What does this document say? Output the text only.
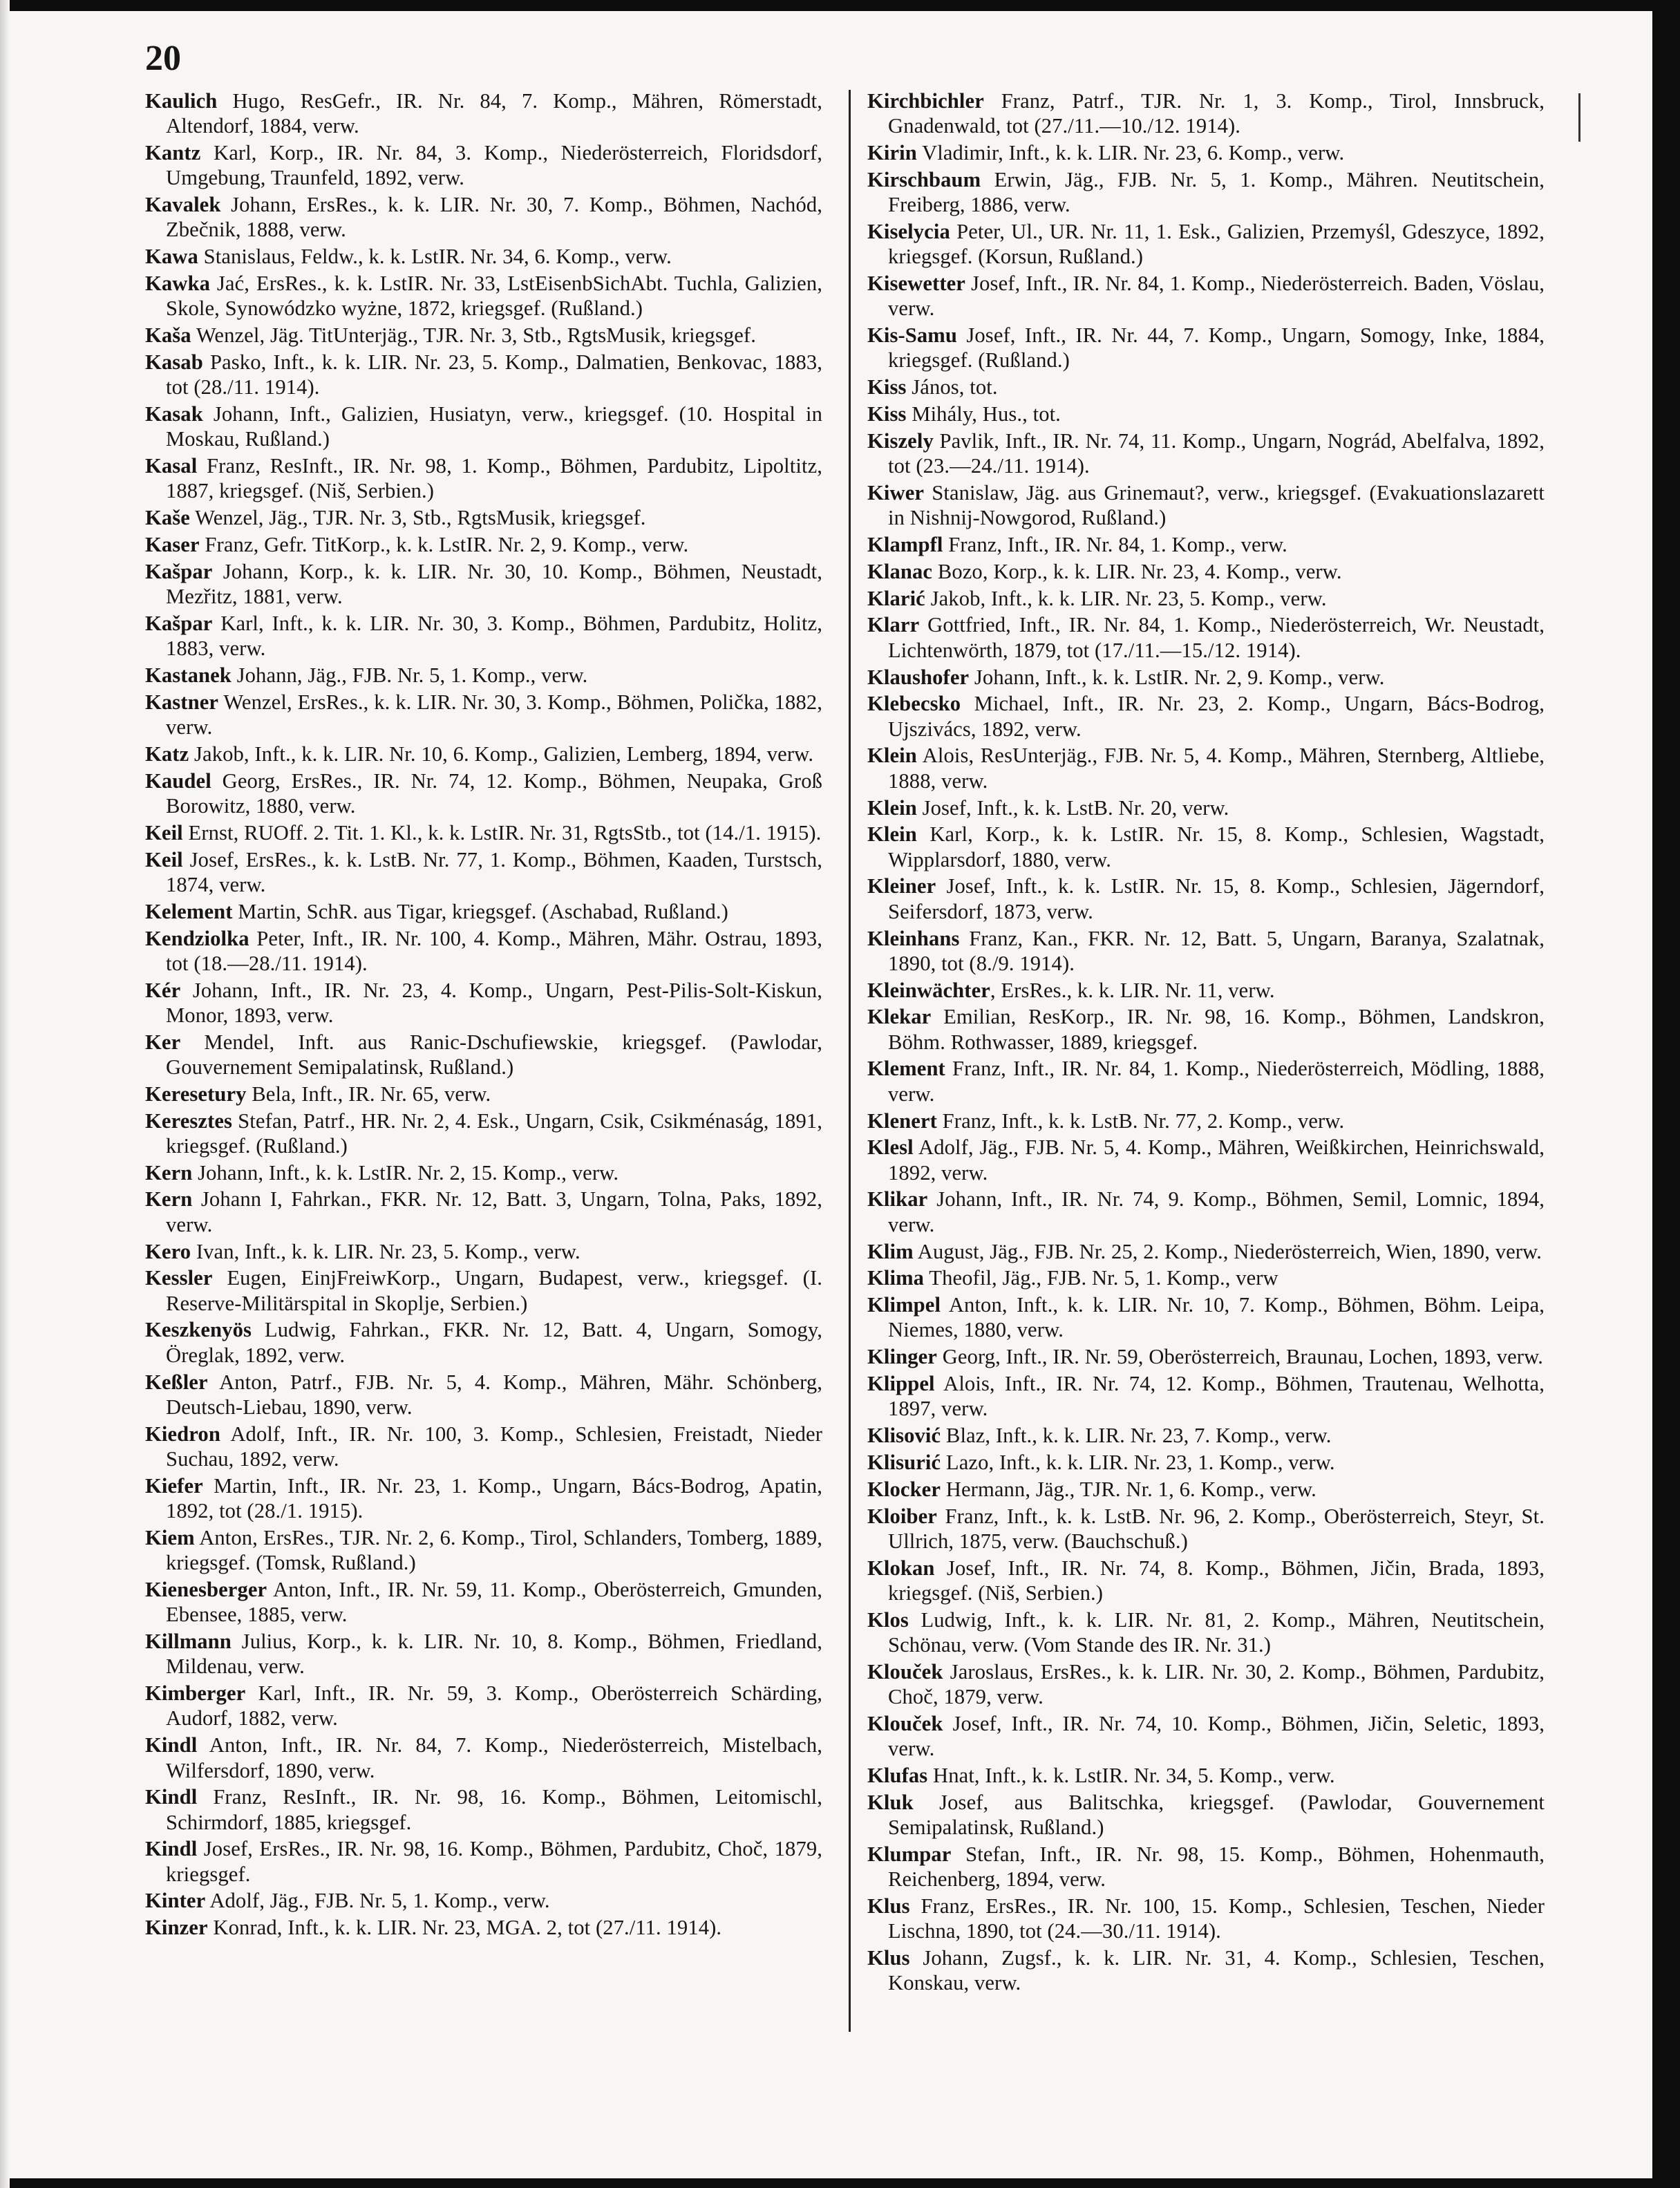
20

Kaulich Hugo, ResGefr., IR. Nr. 84, 7. Komp., Mähren, Römerstadt, Altendorf, 1884, verw.

Kantz Karl, Korp., IR. Nr. 84, 3. Komp., Niederösterreich, Floridsdorf, Umgebung, Traunfeld, 1892, verw.

Kavalek Johann, ErsRes., k. k. LIR. Nr. 30, 7. Komp., Böhmen, Nachód, Zbečnik, 1888, verw.

Kawa Stanislaus, Feldw., k. k. LstIR. Nr. 34, 6. Komp., verw.

Kawka Jać, ErsRes., k. k. LstIR. Nr. 33, LstEisenbSichAbt. Tuchla, Galizien, Skole, Synowódzko wyżne, 1872, kriegsgef. (Rußland.)

Kaša Wenzel, Jäg. TitUnterjäg., TJR. Nr. 3, Stb., RgtsMusik, kriegsgef.

Kasab Pasko, Inft., k. k. LIR. Nr. 23, 5. Komp., Dalmatien, Benkovac, 1883, tot (28./11. 1914).

Kasak Johann, Inft., Galizien, Husiatyn, verw., kriegsgef. (10. Hospital in Moskau, Rußland.)

Kasal Franz, ResInft., IR. Nr. 98, 1. Komp., Böhmen, Pardubitz, Lipoltitz, 1887, kriegsgef. (Niš, Serbien.)

Kaše Wenzel, Jäg., TJR. Nr. 3, Stb., RgtsMusik, kriegsgef.

Kaser Franz, Gefr. TitKorp., k. k. LstIR. Nr. 2, 9. Komp., verw.

Kašpar Johann, Korp., k. k. LIR. Nr. 30, 10. Komp., Böhmen, Neustadt, Mezřitz, 1881, verw.

Kašpar Karl, Inft., k. k. LIR. Nr. 30, 3. Komp., Böhmen, Pardubitz, Holitz, 1883, verw.

Kastanek Johann, Jäg., FJB. Nr. 5, 1. Komp., verw.

Kastner Wenzel, ErsRes., k. k. LIR. Nr. 30, 3. Komp., Böhmen, Polička, 1882, verw.

Katz Jakob, Inft., k. k. LIR. Nr. 10, 6. Komp., Galizien, Lemberg, 1894, verw.

Kaudel Georg, ErsRes., IR. Nr. 74, 12. Komp., Böhmen, Neupaka, Groß Borowitz, 1880, verw.

Keil Ernst, RUOff. 2. Tit. 1. Kl., k. k. LstIR. Nr. 31, RgtsStb., tot (14./1. 1915).

Keil Josef, ErsRes., k. k. LstB. Nr. 77, 1. Komp., Böhmen, Kaaden, Turstsch, 1874, verw.

Kelement Martin, SchR. aus Tigar, kriegsgef. (Aschabad, Rußland.)

Kendziolka Peter, Inft., IR. Nr. 100, 4. Komp., Mähren, Mähr. Ostrau, 1893, tot (18.—28./11. 1914).

Kér Johann, Inft., IR. Nr. 23, 4. Komp., Ungarn, Pest-Pilis-Solt-Kiskun, Monor, 1893, verw.

Ker Mendel, Inft. aus Ranic-Dschufiewskie, kriegsgef. (Pawlodar, Gouvernement Semipalatinsk, Rußland.)

Keresetury Bela, Inft., IR. Nr. 65, verw.

Keresztes Stefan, Patrf., HR. Nr. 2, 4. Esk., Ungarn, Csik, Csikménaság, 1891, kriegsgef. (Rußland.)

Kern Johann, Inft., k. k. LstIR. Nr. 2, 15. Komp., verw.

Kern Johann I, Fahrkan., FKR. Nr. 12, Batt. 3, Ungarn, Tolna, Paks, 1892, verw.

Kero Ivan, Inft., k. k. LIR. Nr. 23, 5. Komp., verw.

Kessler Eugen, EinjFreiwKorp., Ungarn, Budapest, verw., kriegsgef. (I. Reserve-Militärspital in Skoplje, Serbien.)

Keszkenyös Ludwig, Fahrkan., FKR. Nr. 12, Batt. 4, Ungarn, Somogy, Öreglak, 1892, verw.

Keßler Anton, Patrf., FJB. Nr. 5, 4. Komp., Mähren, Mähr. Schönberg, Deutsch-Liebau, 1890, verw.

Kiedron Adolf, Inft., IR. Nr. 100, 3. Komp., Schlesien, Freistadt, Nieder Suchau, 1892, verw.

Kiefer Martin, Inft., IR. Nr. 23, 1. Komp., Ungarn, Bács-Bodrog, Apatin, 1892, tot (28./1. 1915).

Kiem Anton, ErsRes., TJR. Nr. 2, 6. Komp., Tirol, Schlanders, Tomberg, 1889, kriegsgef. (Tomsk, Rußland.)

Kienesberger Anton, Inft., IR. Nr. 59, 11. Komp., Oberösterreich, Gmunden, Ebensee, 1885, verw.

Killmann Julius, Korp., k. k. LIR. Nr. 10, 8. Komp., Böhmen, Friedland, Mildenau, verw.

Kimberger Karl, Inft., IR. Nr. 59, 3. Komp., Oberösterreich Schärding, Audorf, 1882, verw.

Kindl Anton, Inft., IR. Nr. 84, 7. Komp., Niederösterreich, Mistelbach, Wilfersdorf, 1890, verw.

Kindl Franz, ResInft., IR. Nr. 98, 16. Komp., Böhmen, Leitomischl, Schirmdorf, 1885, kriegsgef.

Kindl Josef, ErsRes., IR. Nr. 98, 16. Komp., Böhmen, Pardubitz, Choč, 1879, kriegsgef.

Kinter Adolf, Jäg., FJB. Nr. 5, 1. Komp., verw.

Kinzer Konrad, Inft., k. k. LIR. Nr. 23, MGA. 2, tot (27./11. 1914).

Kirchbichler Franz, Patrf., TJR. Nr. 1, 3. Komp., Tirol, Innsbruck, Gnadenwald, tot (27./11.—10./12. 1914).

Kirin Vladimir, Inft., k. k. LIR. Nr. 23, 6. Komp., verw.

Kirschbaum Erwin, Jäg., FJB. Nr. 5, 1. Komp., Mähren. Neutitschein, Freiberg, 1886, verw.

Kiselycia Peter, Ul., UR. Nr. 11, 1. Esk., Galizien, Przemyśl, Gdeszyce, 1892, kriegsgef. (Korsun, Rußland.)

Kisewetter Josef, Inft., IR. Nr. 84, 1. Komp., Niederösterreich. Baden, Vöslau, verw.

Kis-Samu Josef, Inft., IR. Nr. 44, 7. Komp., Ungarn, Somogy, Inke, 1884, kriegsgef. (Rußland.)

Kiss János, tot.

Kiss Mihály, Hus., tot.

Kiszely Pavlik, Inft., IR. Nr. 74, 11. Komp., Ungarn, Nográd, Abelfalva, 1892, tot (23.—24./11. 1914).

Kiwer Stanislaw, Jäg. aus Grinemaut?, verw., kriegsgef. (Evakuationslazarett in Nishnij-Nowgorod, Rußland.)

Klampfl Franz, Inft., IR. Nr. 84, 1. Komp., verw.

Klanac Bozo, Korp., k. k. LIR. Nr. 23, 4. Komp., verw.

Klarić Jakob, Inft., k. k. LIR. Nr. 23, 5. Komp., verw.

Klarr Gottfried, Inft., IR. Nr. 84, 1. Komp., Niederösterreich, Wr. Neustadt, Lichtenwörth, 1879, tot (17./11.—15./12. 1914).

Klaushofer Johann, Inft., k. k. LstIR. Nr. 2, 9. Komp., verw.

Klebecsko Michael, Inft., IR. Nr. 23, 2. Komp., Ungarn, Bács-Bodrog, Ujszivács, 1892, verw.

Klein Alois, ResUnterjäg., FJB. Nr. 5, 4. Komp., Mähren, Sternberg, Altliebe, 1888, verw.

Klein Josef, Inft., k. k. LstB. Nr. 20, verw.

Klein Karl, Korp., k. k. LstIR. Nr. 15, 8. Komp., Schlesien, Wagstadt, Wipplarsdorf, 1880, verw.

Kleiner Josef, Inft., k. k. LstIR. Nr. 15, 8. Komp., Schlesien, Jägerndorf, Seifersdorf, 1873, verw.

Kleinhans Franz, Kan., FKR. Nr. 12, Batt. 5, Ungarn, Baranya, Szalatnak, 1890, tot (8./9. 1914).

Kleinwächter, ErsRes., k. k. LIR. Nr. 11, verw.

Klekar Emilian, ResKorp., IR. Nr. 98, 16. Komp., Böhmen, Landskron, Böhm. Rothwasser, 1889, kriegsgef.

Klement Franz, Inft., IR. Nr. 84, 1. Komp., Niederösterreich, Mödling, 1888, verw.

Klenert Franz, Inft., k. k. LstB. Nr. 77, 2. Komp., verw.

Klesl Adolf, Jäg., FJB. Nr. 5, 4. Komp., Mähren, Weißkirchen, Heinrichswald, 1892, verw.

Klikar Johann, Inft., IR. Nr. 74, 9. Komp., Böhmen, Semil, Lomnic, 1894, verw.

Klim August, Jäg., FJB. Nr. 25, 2. Komp., Niederösterreich, Wien, 1890, verw.

Klima Theofil, Jäg., FJB. Nr. 5, 1. Komp., verw

Klimpel Anton, Inft., k. k. LIR. Nr. 10, 7. Komp., Böhmen, Böhm. Leipa, Niemes, 1880, verw.

Klinger Georg, Inft., IR. Nr. 59, Oberösterreich, Braunau, Lochen, 1893, verw.

Klippel Alois, Inft., IR. Nr. 74, 12. Komp., Böhmen, Trautenau, Welhotta, 1897, verw.

Klisović Blaz, Inft., k. k. LIR. Nr. 23, 7. Komp., verw.

Klisurić Lazo, Inft., k. k. LIR. Nr. 23, 1. Komp., verw.

Klocker Hermann, Jäg., TJR. Nr. 1, 6. Komp., verw.

Kloiber Franz, Inft., k. k. LstB. Nr. 96, 2. Komp., Oberösterreich, Steyr, St. Ullrich, 1875, verw. (Bauchschuß.)

Klokan Josef, Inft., IR. Nr. 74, 8. Komp., Böhmen, Jičin, Brada, 1893, kriegsgef. (Niš, Serbien.)

Klos Ludwig, Inft., k. k. LIR. Nr. 81, 2. Komp., Mähren, Neutitschein, Schönau, verw. (Vom Stande des IR. Nr. 31.)

Klouček Jaroslaus, ErsRes., k. k. LIR. Nr. 30, 2. Komp., Böhmen, Pardubitz, Choč, 1879, verw.

Klouček Josef, Inft., IR. Nr. 74, 10. Komp., Böhmen, Jičin, Seletic, 1893, verw.

Klufas Hnat, Inft., k. k. LstIR. Nr. 34, 5. Komp., verw.

Kluk Josef, aus Balitschka, kriegsgef. (Pawlodar, Gouvernement Semipalatinsk, Rußland.)

Klumpar Stefan, Inft., IR. Nr. 98, 15. Komp., Böhmen, Hohenmauth, Reichenberg, 1894, verw.

Klus Franz, ErsRes., IR. Nr. 100, 15. Komp., Schlesien, Teschen, Nieder Lischna, 1890, tot (24.—30./11. 1914).

Klus Johann, Zugsf., k. k. LIR. Nr. 31, 4. Komp., Schlesien, Teschen, Konskau, verw.
